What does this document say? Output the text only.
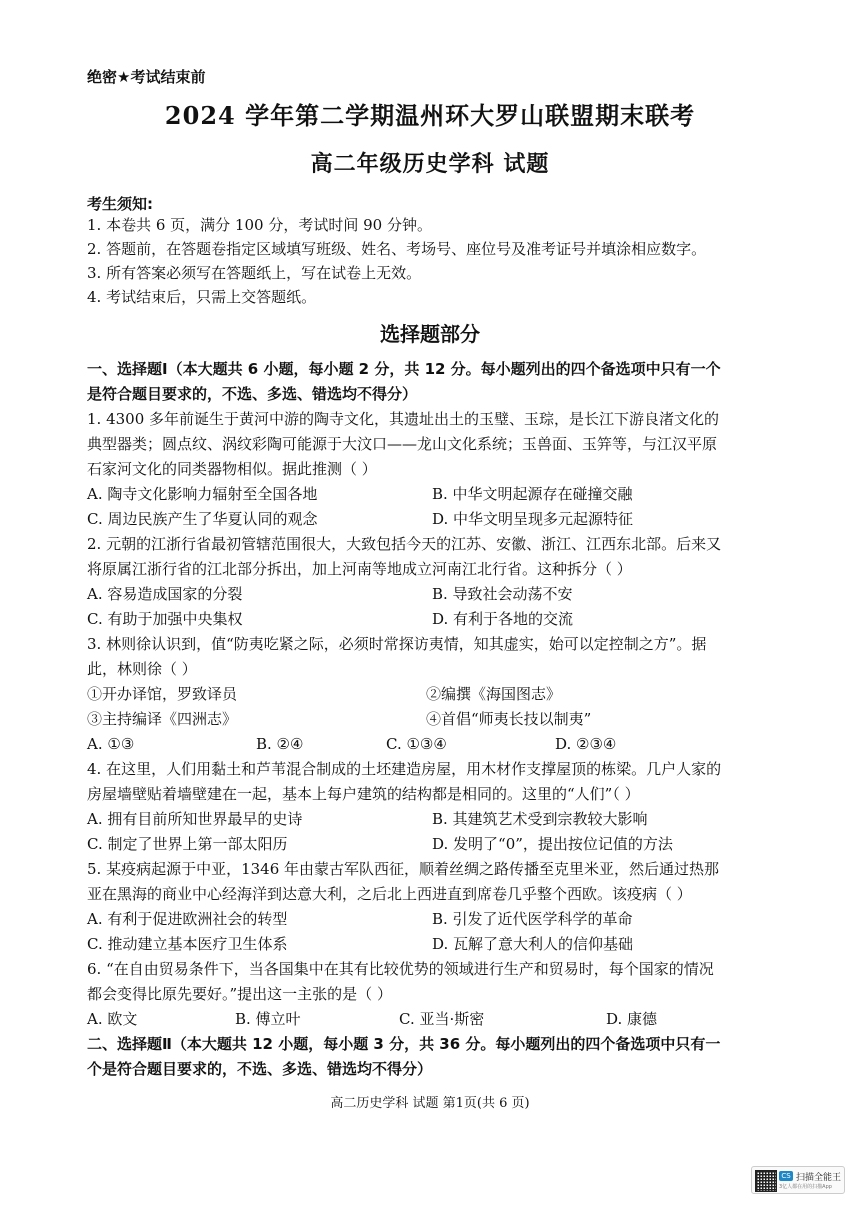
绝密★考试结束前
2024 学年第二学期温州环大罗山联盟期末联考
高二年级历史学科 试题
考生须知:
1. 本卷共 6 页，满分 100 分，考试时间 90 分钟。
2. 答题前，在答题卷指定区域填写班级、姓名、考场号、座位号及准考证号并填涂相应数字。
3. 所有答案必须写在答题纸上，写在试卷上无效。
4. 考试结束后，只需上交答题纸。
选择题部分
一、选择题Ⅰ（本大题共 6 小题，每小题 2 分，共 12 分。每小题列出的四个备选项中只有一个
是符合题目要求的，不选、多选、错选均不得分）
1. 4300 多年前诞生于黄河中游的陶寺文化，其遗址出土的玉璧、玉琮，是长江下游良渚文化的
典型器类；圆点纹、涡纹彩陶可能源于大汶口——龙山文化系统；玉兽面、玉笄等，与江汉平原
石家河文化的同类器物相似。据此推测（ ）
A. 陶寺文化影响力辐射至全国各地	B. 中华文明起源存在碰撞交融
C. 周边民族产生了华夏认同的观念	D. 中华文明呈现多元起源特征
2. 元朝的江浙行省最初管辖范围很大，大致包括今天的江苏、安徽、浙江、江西东北部。后来又
将原属江浙行省的江北部分拆出，加上河南等地成立河南江北行省。这种拆分（ ）
A. 容易造成国家的分裂	B. 导致社会动荡不安
C. 有助于加强中央集权	D. 有利于各地的交流
3. 林则徐认识到，值“防夷吃紧之际，必须时常探访夷情，知其虚实，始可以定控制之方”。据
此，林则徐（ ）
①开办译馆，罗致译员	②编撰《海国图志》
③主持编译《四洲志》	④首倡“师夷长技以制夷”
A. ①③	B. ②④	C. ①③④	D. ②③④
4. 在这里，人们用黏土和芦苇混合制成的土坯建造房屋，用木材作支撑屋顶的栋梁。几户人家的
房屋墙壁贴着墙壁建在一起，基本上每户建筑的结构都是相同的。这里的“人们”（ ）
A. 拥有目前所知世界最早的史诗	B. 其建筑艺术受到宗教较大影响
C. 制定了世界上第一部太阳历	D. 发明了“0”，提出按位记值的方法
5. 某疫病起源于中亚，1346 年由蒙古军队西征，顺着丝绸之路传播至克里米亚，然后通过热那
亚在黑海的商业中心经海洋到达意大利，之后北上西进直到席卷几乎整个西欧。该疫病（ ）
A. 有利于促进欧洲社会的转型	B. 引发了近代医学科学的革命
C. 推动建立基本医疗卫生体系	D. 瓦解了意大利人的信仰基础
6. “在自由贸易条件下，当各国集中在其有比较优势的领域进行生产和贸易时，每个国家的情况
都会变得比原先要好。”提出这一主张的是（ ）
A. 欧文	B. 傅立叶	C. 亚当·斯密	D. 康德
二、选择题Ⅱ（本大题共 12 小题，每小题 3 分，共 36 分。每小题列出的四个备选项中只有一
个是符合题目要求的，不选、多选、错选均不得分）
高二历史学科 试题 第1页(共 6 页)
CS 扫描全能王
3亿人都在用的扫描App
